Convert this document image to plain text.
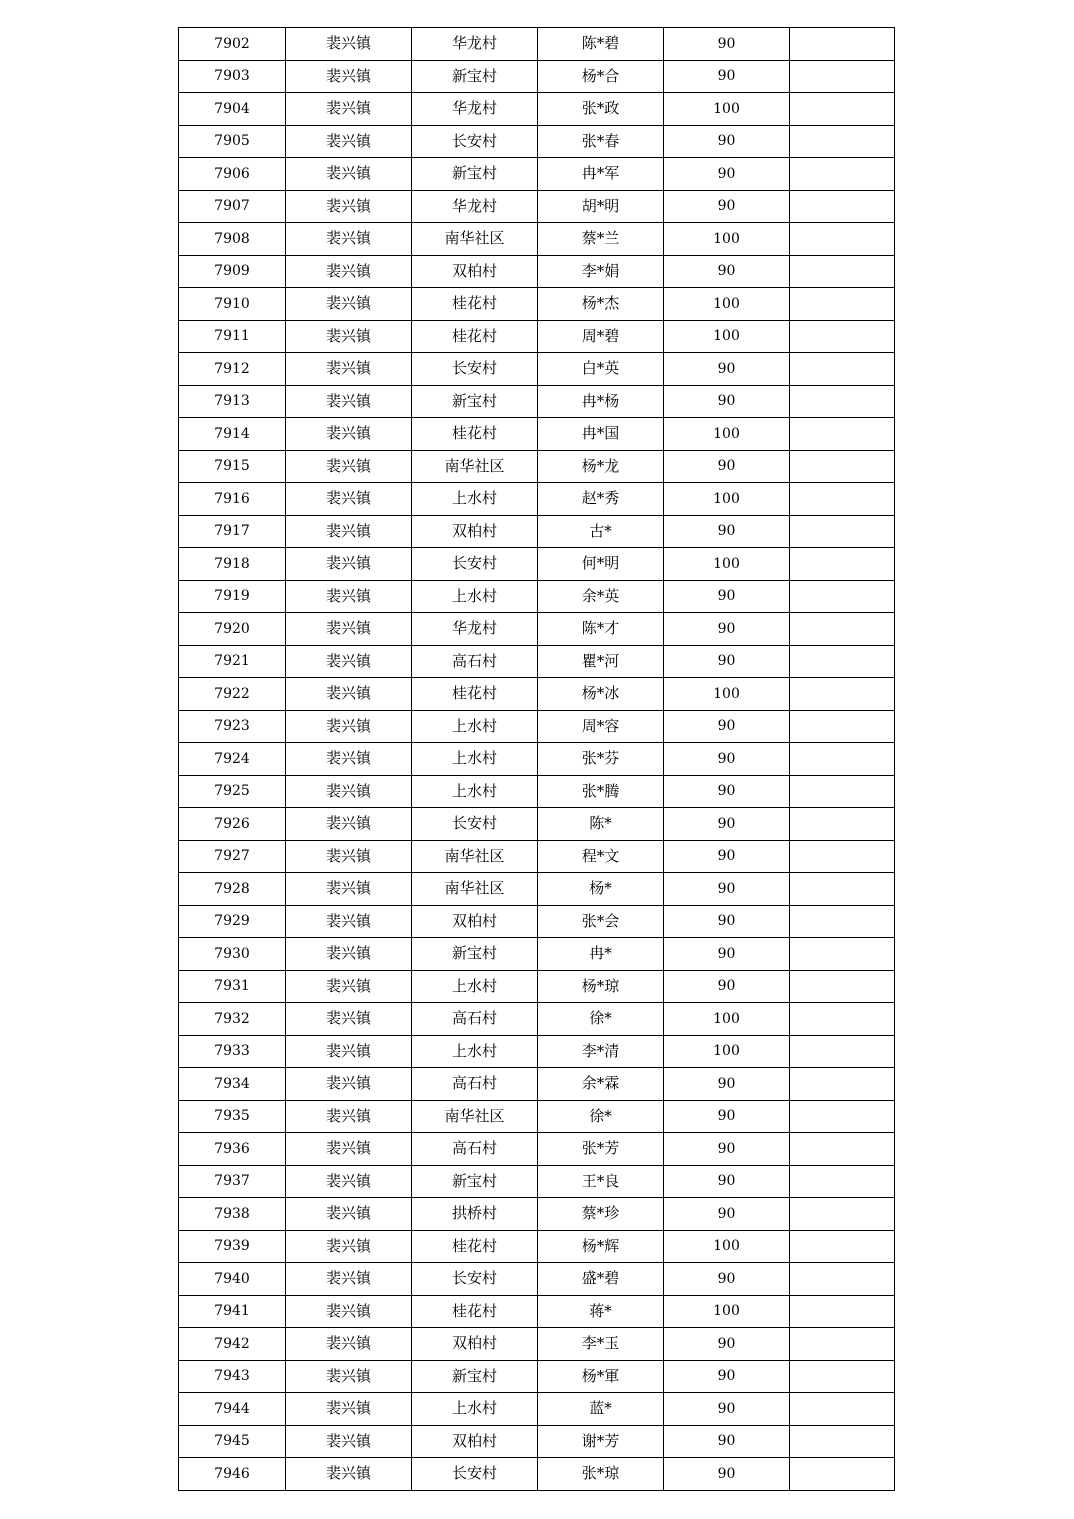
7902	裴兴镇	华龙村	陈*碧	90	
7903	裴兴镇	新宝村	杨*合	90	
7904	裴兴镇	华龙村	张*政	100	
7905	裴兴镇	长安村	张*春	90	
7906	裴兴镇	新宝村	冉*军	90	
7907	裴兴镇	华龙村	胡*明	90	
7908	裴兴镇	南华社区	蔡*兰	100	
7909	裴兴镇	双柏村	李*娟	90	
7910	裴兴镇	桂花村	杨*杰	100	
7911	裴兴镇	桂花村	周*碧	100	
7912	裴兴镇	长安村	白*英	90	
7913	裴兴镇	新宝村	冉*杨	90	
7914	裴兴镇	桂花村	冉*国	100	
7915	裴兴镇	南华社区	杨*龙	90	
7916	裴兴镇	上水村	赵*秀	100	
7917	裴兴镇	双柏村	古*	90	
7918	裴兴镇	长安村	何*明	100	
7919	裴兴镇	上水村	余*英	90	
7920	裴兴镇	华龙村	陈*才	90	
7921	裴兴镇	高石村	瞿*河	90	
7922	裴兴镇	桂花村	杨*冰	100	
7923	裴兴镇	上水村	周*容	90	
7924	裴兴镇	上水村	张*芬	90	
7925	裴兴镇	上水村	张*腾	90	
7926	裴兴镇	长安村	陈*	90	
7927	裴兴镇	南华社区	程*文	90	
7928	裴兴镇	南华社区	杨*	90	
7929	裴兴镇	双柏村	张*会	90	
7930	裴兴镇	新宝村	冉*	90	
7931	裴兴镇	上水村	杨*琼	90	
7932	裴兴镇	高石村	徐*	100	
7933	裴兴镇	上水村	李*清	100	
7934	裴兴镇	高石村	余*霖	90	
7935	裴兴镇	南华社区	徐*	90	
7936	裴兴镇	高石村	张*芳	90	
7937	裴兴镇	新宝村	王*良	90	
7938	裴兴镇	拱桥村	蔡*珍	90	
7939	裴兴镇	桂花村	杨*辉	100	
7940	裴兴镇	长安村	盛*碧	90	
7941	裴兴镇	桂花村	蒋*	100	
7942	裴兴镇	双柏村	李*玉	90	
7943	裴兴镇	新宝村	杨*軍	90	
7944	裴兴镇	上水村	蓝*	90	
7945	裴兴镇	双柏村	谢*芳	90	
7946	裴兴镇	长安村	张*琼	90	
